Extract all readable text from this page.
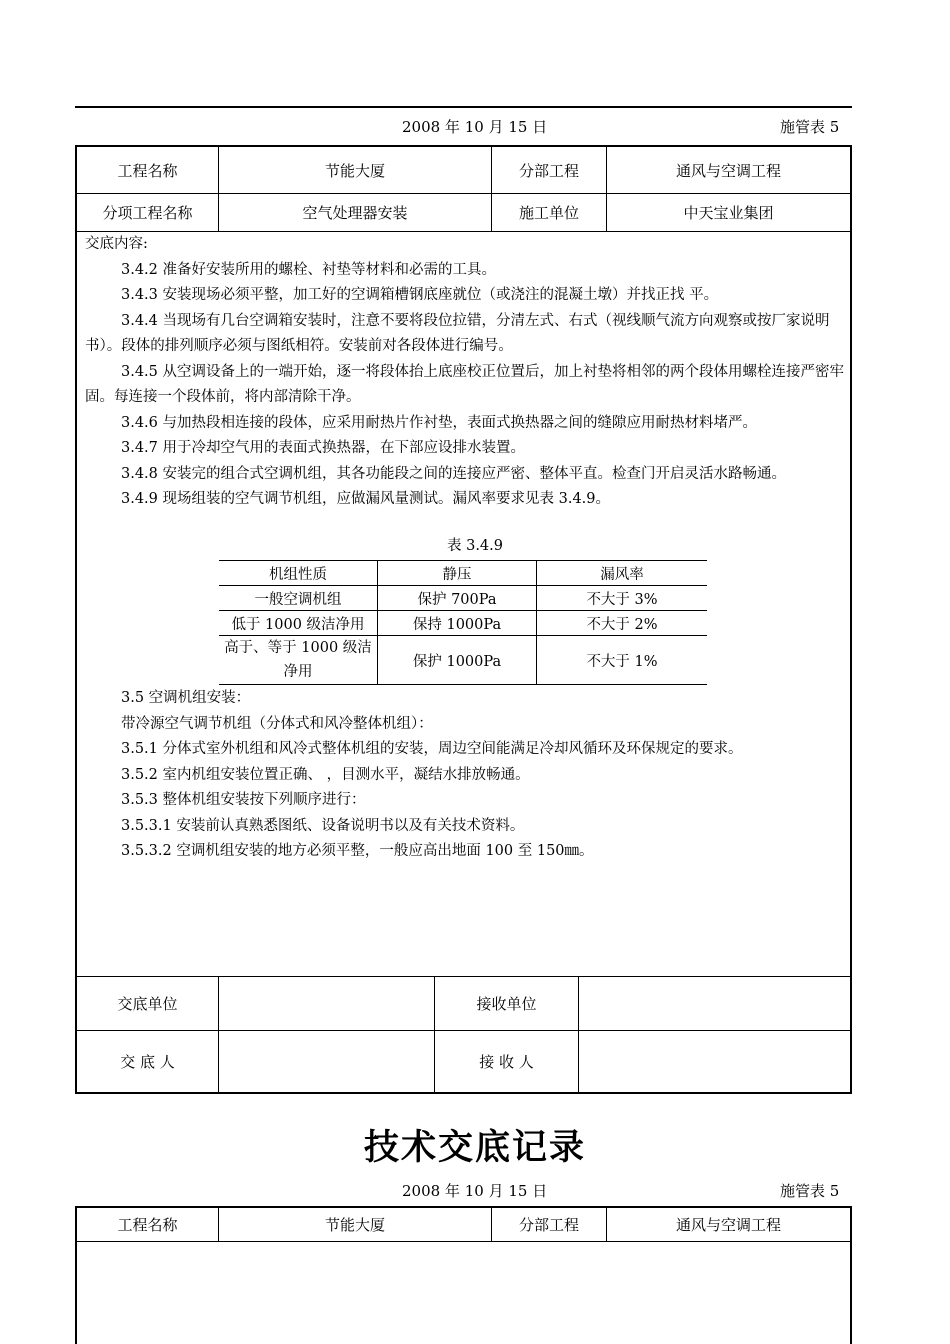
2008 年 10 月 15 日	施管表 5
工程名称	节能大厦	分部工程	通风与空调工程
分项工程名称	空气处理器安装	施工单位	中天宝业集团

交底内容:

3.4.2 准备好安装所用的螺栓、衬垫等材料和必需的工具。

3.4.3 安装现场必须平整，加工好的空调箱槽钢底座就位（或浇注的混凝土墩）并找正找 平。

3.4.4 当现场有几台空调箱安装时，注意不要将段位拉错，分清左式、右式（视线顺气流方向观察或按厂家说明书）。段体的排列顺序必须与图纸相符。安装前对各段体进行编号。

3.4.5 从空调设备上的一端开始，逐一将段体抬上底座校正位置后，加上衬垫将相邻的两个段体用螺栓连接严密牢固。每连接一个段体前，将内部清除干净。

3.4.6 与加热段相连接的段体，应采用耐热片作衬垫，表面式换热器之间的缝隙应用耐热材料堵严。

3.4.7 用于冷却空气用的表面式换热器，在下部应设排水装置。

3.4.8 安装完的组合式空调机组，其各功能段之间的连接应严密、整体平直。检查门开启灵活水路畅通。

3.4.9 现场组装的空气调节机组，应做漏风量测试。漏风率要求见表 3.4.9。

表 3.4.9
机组性质	静压	漏风率
一般空调机组	保护 700Pa	不大于 3%
低于 1000 级洁净用	保持 1000Pa	不大于 2%
高于、等于 1000 级洁净用	保护 1000Pa	不大于 1%

3.5 空调机组安装：

带冷源空气调节机组（分体式和风冷整体机组）：

3.5.1 分体式室外机组和风冷式整体机组的安装，周边空间能满足冷却风循环及环保规定的要求。

3.5.2 室内机组安装位置正确、 ，目测水平，凝结水排放畅通。

3.5.3 整体机组安装按下列顺序进行：

3.5.3.1 安装前认真熟悉图纸、设备说明书以及有关技术资料。

3.5.3.2 空调机组安装的地方必须平整，一般应高出地面 100 至 150㎜。

交底单位	接收单位
交 底 人	接 收 人
技术交底记录
2008 年 10 月 15 日	施管表 5
工程名称	节能大厦	分部工程	通风与空调工程
